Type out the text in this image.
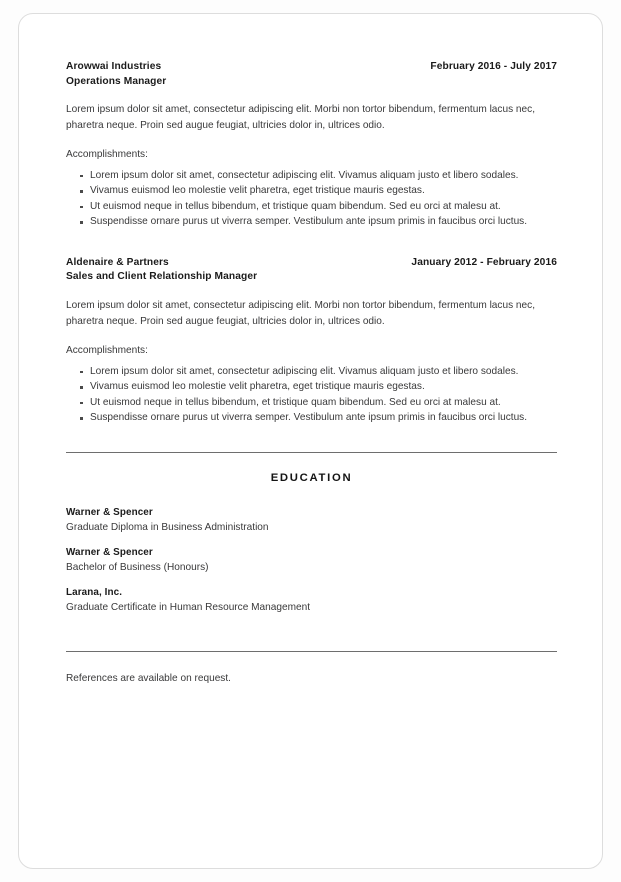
Arowwai Industries	February 2016 - July 2017
Operations Manager
Lorem ipsum dolor sit amet, consectetur adipiscing elit. Morbi non tortor bibendum, fermentum lacus nec, pharetra neque. Proin sed augue feugiat, ultricies dolor in, ultrices odio.
Accomplishments:
Lorem ipsum dolor sit amet, consectetur adipiscing elit. Vivamus aliquam justo et libero sodales.
Vivamus euismod leo molestie velit pharetra, eget tristique mauris egestas.
Ut euismod neque in tellus bibendum, et tristique quam bibendum. Sed eu orci at malesu at.
Suspendisse ornare purus ut viverra semper. Vestibulum ante ipsum primis in faucibus orci luctus.
Aldenaire & Partners	January 2012 - February 2016
Sales and Client Relationship Manager
Lorem ipsum dolor sit amet, consectetur adipiscing elit. Morbi non tortor bibendum, fermentum lacus nec, pharetra neque. Proin sed augue feugiat, ultricies dolor in, ultrices odio.
Accomplishments:
Lorem ipsum dolor sit amet, consectetur adipiscing elit. Vivamus aliquam justo et libero sodales.
Vivamus euismod leo molestie velit pharetra, eget tristique mauris egestas.
Ut euismod neque in tellus bibendum, et tristique quam bibendum. Sed eu orci at malesu at.
Suspendisse ornare purus ut viverra semper. Vestibulum ante ipsum primis in faucibus orci luctus.
EDUCATION
Warner & Spencer
Graduate Diploma in Business Administration
Warner & Spencer
Bachelor of Business (Honours)
Larana, Inc.
Graduate Certificate in Human Resource Management
References are available on request.
